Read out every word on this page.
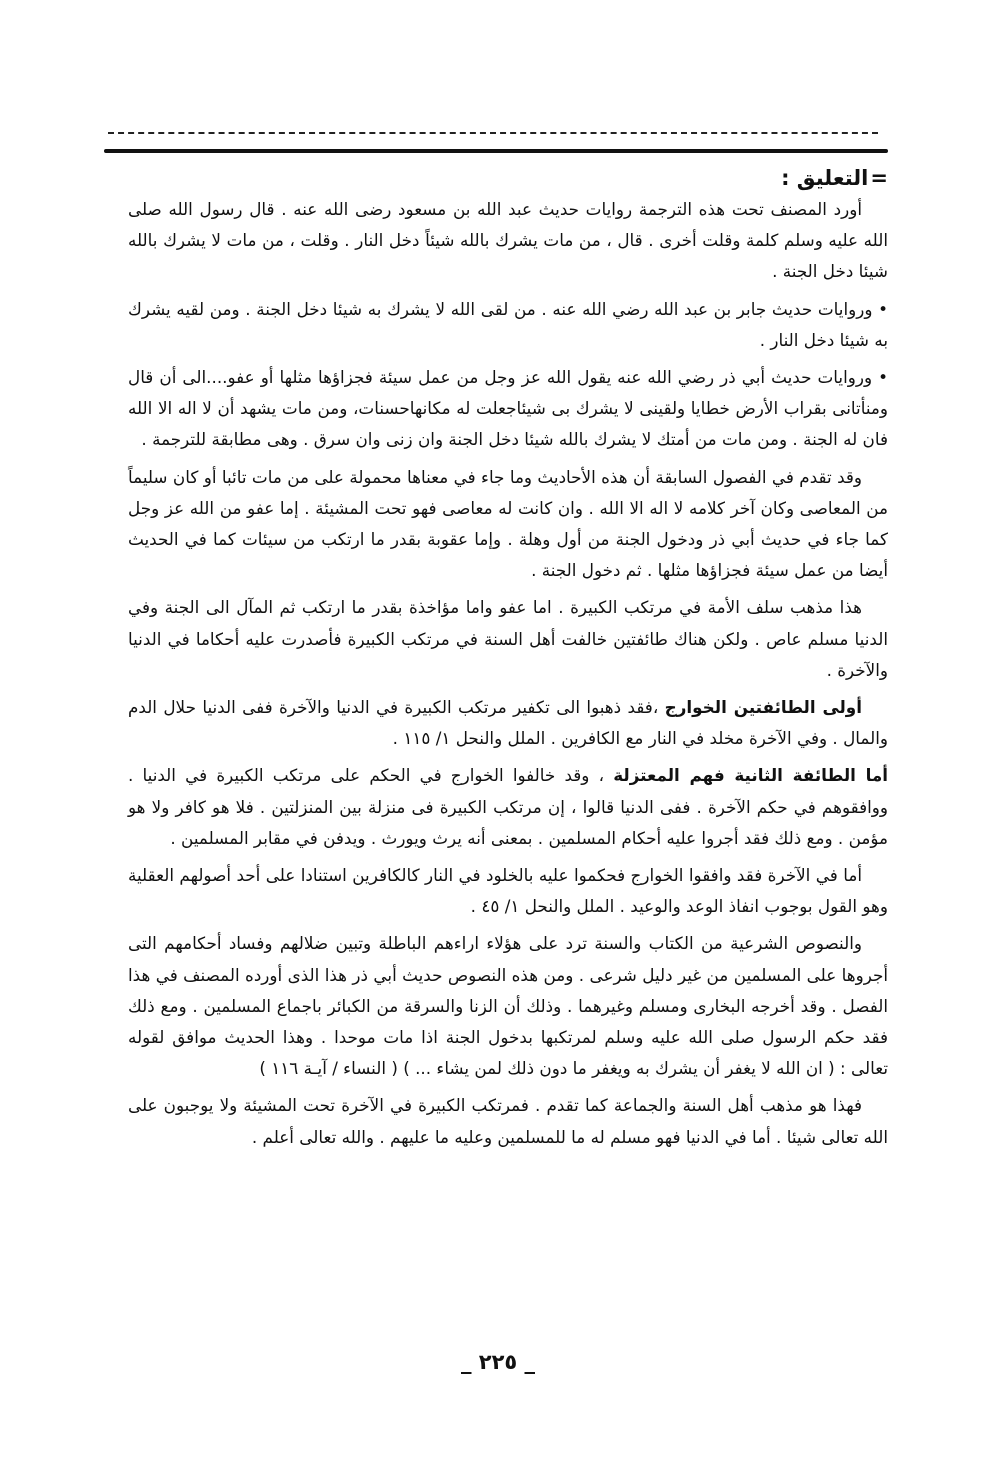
=التعليق :

أورد المصنف تحت هذه الترجمة روايات حديث عبد الله بن مسعود رضى الله عنه . قال رسول الله صلى الله عليه وسلم كلمة وقلت أخرى . قال ، من مات يشرك بالله شيئاً دخل النار . وقلت ، من مات لا يشرك بالله شيئا دخل الجنة .

• وروايات حديث جابر بن عبد الله رضي الله عنه . من لقى الله لا يشرك به شيئا دخل الجنة . ومن لقيه يشرك به شيئا دخل النار .

• وروايات حديث أبي ذر رضي الله عنه يقول الله عز وجل من عمل سيئة فجزاؤها مثلها أو عفو....الى أن قال ومنأتانى بقراب الأرض خطايا ولقينى لا يشرك بى شيئاجعلت له مكانهاحسنات، ومن مات يشهد أن لا اله الا الله فان له الجنة . ومن مات من أمتك لا يشرك بالله شيئا دخل الجنة وان زنى وان سرق . وهى مطابقة للترجمة .

وقد تقدم في الفصول السابقة أن هذه الأحاديث وما جاء في معناها محمولة على من مات تائبا أو كان سليماً من المعاصى وكان آخر كلامه لا اله الا الله . وان كانت له معاصى فهو تحت المشيئة . إما عفو من الله عز وجل كما جاء في حديث أبي ذر ودخول الجنة من أول وهلة . وإما عقوبة بقدر ما ارتكب من سيئات كما في الحديث أيضا من عمل سيئة فجزاؤها مثلها . ثم دخول الجنة .

هذا مذهب سلف الأمة في مرتكب الكبيرة . اما عفو واما مؤاخذة بقدر ما ارتكب ثم المآل الى الجنة وفي الدنيا مسلم عاص . ولكن هناك طائفتين خالفت أهل السنة في مرتكب الكبيرة فأصدرت عليه أحكاما في الدنيا والآخرة .

أولى الطائفتين الخوارج ،فقد ذهبوا الى تكفير مرتكب الكبيرة في الدنيا والآخرة ففى الدنيا حلال الدم والمال . وفي الآخرة مخلد في النار مع الكافرين . الملل والنحل ١/ ١١٥ .

أما الطائفة الثانية فهم المعتزلة ، وقد خالفوا الخوارج في الحكم على مرتكب الكبيرة في الدنيا . ووافقوهم في حكم الآخرة . ففى الدنيا قالوا ، إن مرتكب الكبيرة فى منزلة بين المنزلتين . فلا هو كافر ولا هو مؤمن . ومع ذلك فقد أجروا عليه أحكام المسلمين . بمعنى أنه يرث ويورث . ويدفن في مقابر المسلمين .

أما في الآخرة فقد وافقوا الخوارج فحكموا عليه بالخلود في النار كالكافرين استنادا على أحد أصولهم العقلية وهو القول بوجوب انفاذ الوعد والوعيد . الملل والنحل ١/ ٤٥ .

والنصوص الشرعية من الكتاب والسنة ترد على هؤلاء اراءهم الباطلة وتبين ضلالهم وفساد أحكامهم التى أجروها على المسلمين من غير دليل شرعى . ومن هذه النصوص حديث أبي ذر هذا الذى أورده المصنف في هذا الفصل . وقد أخرجه البخارى ومسلم وغيرهما . وذلك أن الزنا والسرقة من الكبائر باجماع المسلمين . ومع ذلك فقد حكم الرسول صلى الله عليه وسلم لمرتكبها بدخول الجنة اذا مات موحدا . وهذا الحديث موافق لقوله تعالى : ( ان الله لا يغفر أن يشرك به ويغفر ما دون ذلك لمن يشاء ... ) ( النساء / آيـة ١١٦ )

فهذا هو مذهب أهل السنة والجماعة كما تقدم . فمرتكب الكبيرة في الآخرة تحت المشيئة ولا يوجبون على الله تعالى شيئا . أما في الدنيا فهو مسلم له ما للمسلمين وعليه ما عليهم . والله تعالى أعلم .

_ ٢٢٥ _
